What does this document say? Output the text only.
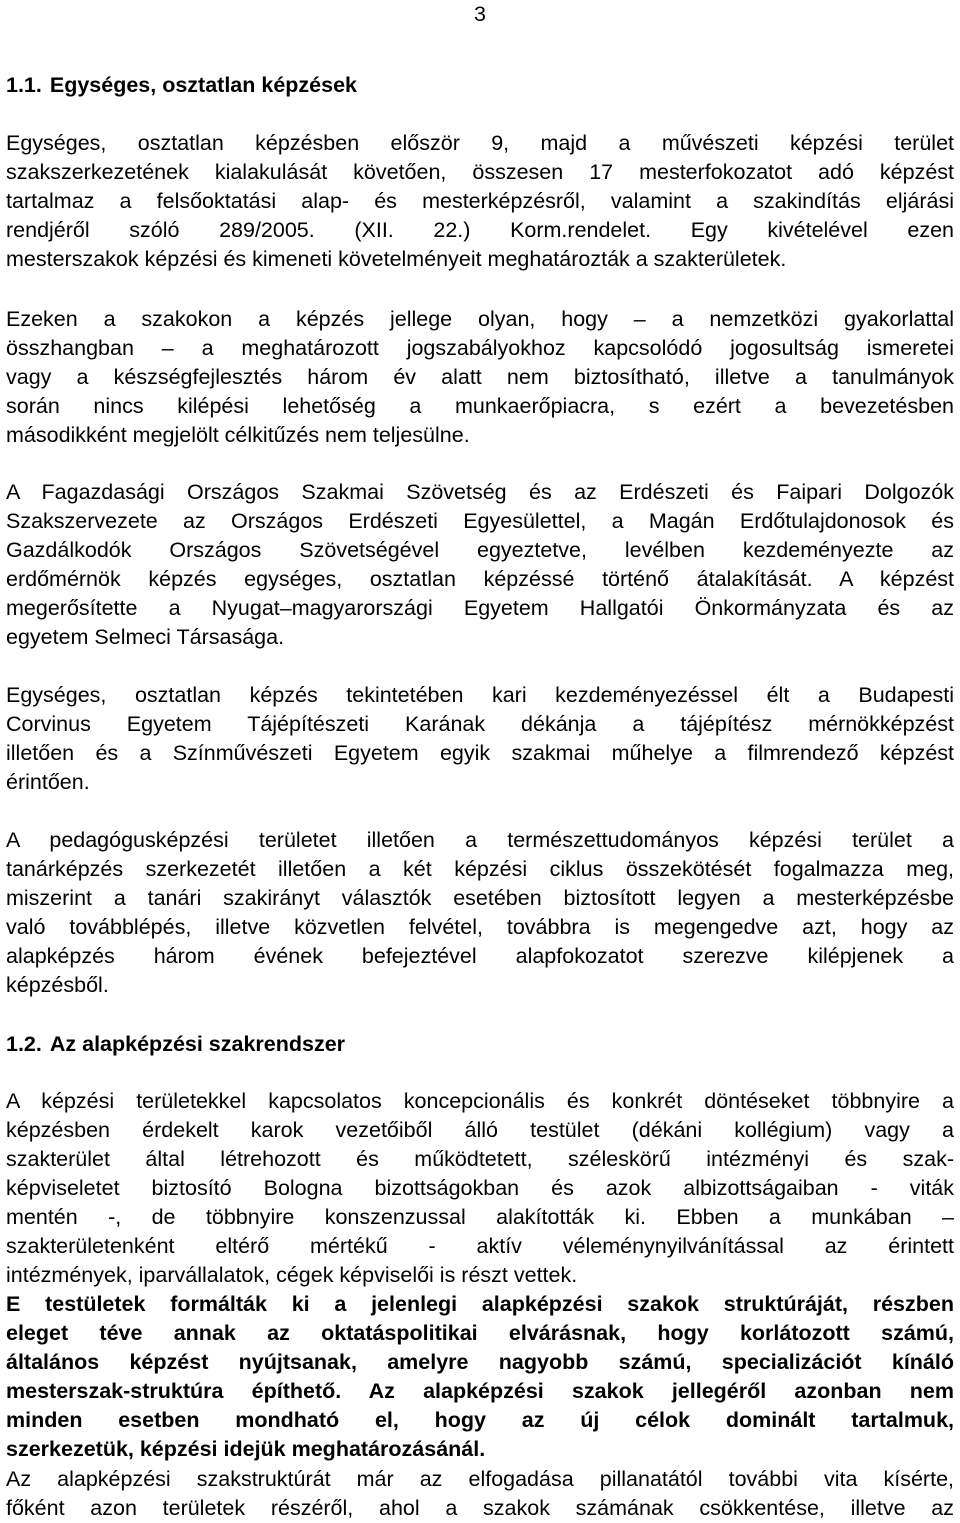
3
1.1. Egységes, osztatlan képzések
Egységes, osztatlan képzésben először 9, majd a művészeti képzési terület
szakszerkezetének kialakulását követően, összesen 17 mesterfokozatot adó képzést
tartalmaz a felsőoktatási alap- és mesterképzésről, valamint a szakindítás eljárási
rendjéről szóló 289/2005. (XII. 22.) Korm.rendelet. Egy kivételével ezen
mesterszakok képzési és kimeneti követelményeit meghatározták a szakterületek.
Ezeken a szakokon a képzés jellege olyan, hogy – a nemzetközi gyakorlattal
összhangban – a meghatározott jogszabályokhoz kapcsolódó jogosultság ismeretei
vagy a készségfejlesztés három év alatt nem biztosítható, illetve a tanulmányok
során nincs kilépési lehetőség a munkaerőpiacra, s ezért a bevezetésben
másodikként megjelölt célkitűzés nem teljesülne.
A Fagazdasági Országos Szakmai Szövetség és az Erdészeti és Faipari Dolgozók
Szakszervezete az Országos Erdészeti Egyesülettel, a Magán Erdőtulajdonosok és
Gazdálkodók Országos Szövetségével egyeztetve, levélben kezdeményezte az
erdőmérnök képzés egységes, osztatlan képzéssé történő átalakítását. A képzést
megerősítette a Nyugat–magyarországi Egyetem Hallgatói Önkormányzata és az
egyetem Selmeci Társasága.
Egységes, osztatlan képzés tekintetében kari kezdeményezéssel élt a Budapesti
Corvinus Egyetem Tájépítészeti Karának dékánja a tájépítész mérnökképzést
illetően és a Színművészeti Egyetem egyik szakmai műhelye a filmrendező képzést
érintően.
A pedagógusképzési területet illetően a természettudományos képzési terület a
tanárképzés szerkezetét illetően a két képzési ciklus összekötését fogalmazza meg,
miszerint a tanári szakirányt választók esetében biztosított legyen a mesterképzésbe
való továbblépés, illetve közvetlen felvétel, továbbra is megengedve azt, hogy az
alapképzés három évének befejeztével alapfokozatot szerezve kilépjenek a
képzésből.
1.2. Az alapképzési szakrendszer
A képzési területekkel kapcsolatos koncepcionális és konkrét döntéseket többnyire a
képzésben érdekelt karok vezetőiből álló testület (dékáni kollégium) vagy a
szakterület által létrehozott és működtetett, széleskörű intézményi és szak-
képviseletet biztosító Bologna bizottságokban és azok albizottságaiban - viták
mentén -, de többnyire konszenzussal alakították ki. Ebben a munkában –
szakterületenként eltérő mértékű - aktív véleménynyilvánítással az érintett
intézmények, iparvállalatok, cégek képviselői is részt vettek.
E testületek formálták ki a jelenlegi alapképzési szakok struktúráját, részben
eleget téve annak az oktatáspolitikai elvárásnak, hogy korlátozott számú,
általános képzést nyújtsanak, amelyre nagyobb számú, specializációt kínáló
mesterszak-struktúra építhető. Az alapképzési szakok jellegéről azonban nem
minden esetben mondható el, hogy az új célok dominált tartalmuk,
szerkezetük, képzési idejük meghatározásánál.
Az alapképzési szakstruktúrát már az elfogadása pillanatától további vita kísérte,
főként azon területek részéről, ahol a szakok számának csökkentése, illetve az
